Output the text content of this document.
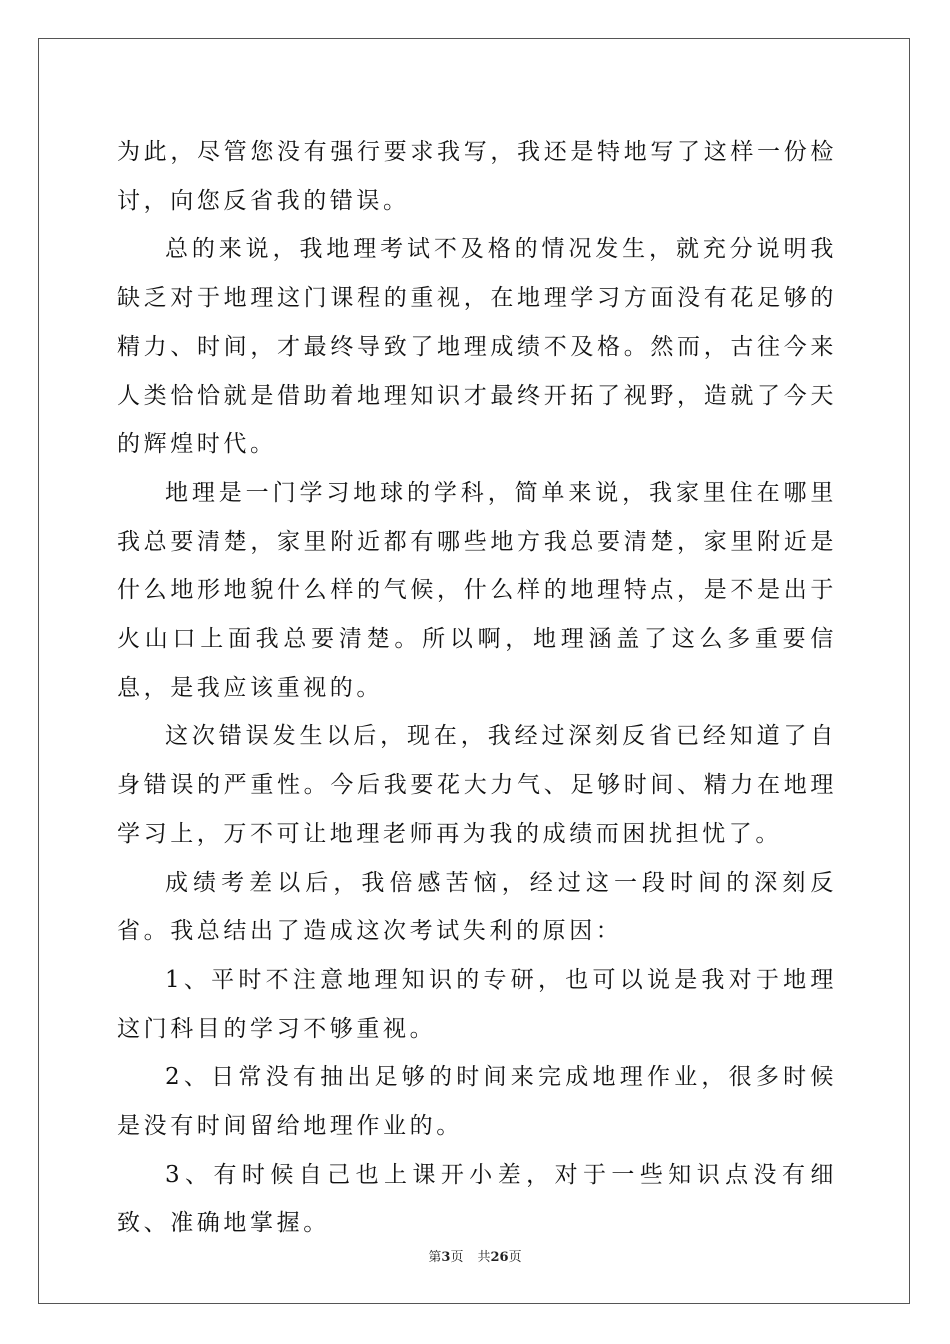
为此，尽管您没有强行要求我写，我还是特地写了这样一份检讨，向您反省我的错误。

总的来说，我地理考试不及格的情况发生，就充分说明我缺乏对于地理这门课程的重视，在地理学习方面没有花足够的精力、时间，才最终导致了地理成绩不及格。然而，古往今来人类恰恰就是借助着地理知识才最终开拓了视野，造就了今天的辉煌时代。

地理是一门学习地球的学科，简单来说，我家里住在哪里我总要清楚，家里附近都有哪些地方我总要清楚，家里附近是什么地形地貌什么样的气候，什么样的地理特点，是不是出于火山口上面我总要清楚。所以啊，地理涵盖了这么多重要信息，是我应该重视的。

这次错误发生以后，现在，我经过深刻反省已经知道了自身错误的严重性。今后我要花大力气、足够时间、精力在地理学习上，万不可让地理老师再为我的成绩而困扰担忧了。

成绩考差以后，我倍感苦恼，经过这一段时间的深刻反省。我总结出了造成这次考试失利的原因：

1、平时不注意地理知识的专研，也可以说是我对于地理这门科目的学习不够重视。

2、日常没有抽出足够的时间来完成地理作业，很多时候是没有时间留给地理作业的。

3、有时候自己也上课开小差，对于一些知识点没有细致、准确地掌握。

第3页 共26页
